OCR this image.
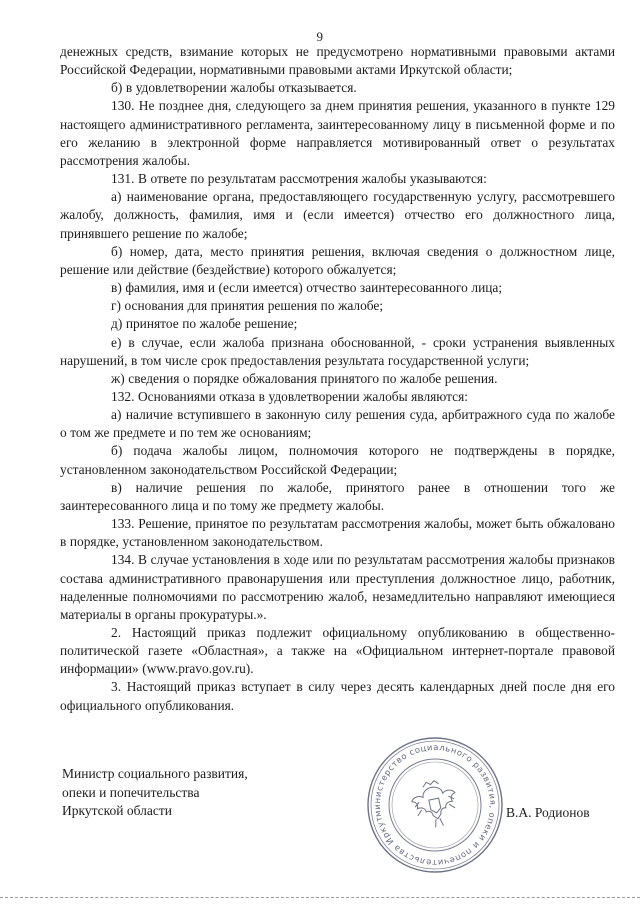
9

денежных средств, взимание которых не предусмотрено нормативными правовыми актами Российской Федерации, нормативными правовыми актами Иркутской области;

б) в удовлетворении жалобы отказывается.

130. Не позднее дня, следующего за днем принятия решения, указанного в пункте 129 настоящего административного регламента, заинтересованному лицу в письменной форме и по его желанию в электронной форме направляется мотивированный ответ о результатах рассмотрения жалобы.

131. В ответе по результатам рассмотрения жалобы указываются:

а) наименование органа, предоставляющего государственную услугу, рассмотревшего жалобу, должность, фамилия, имя и (если имеется) отчество его должностного лица, принявшего решение по жалобе;

б) номер, дата, место принятия решения, включая сведения о должностном лице, решение или действие (бездействие) которого обжалуется;

в) фамилия, имя и (если имеется) отчество заинтересованного лица;

г) основания для принятия решения по жалобе;

д) принятое по жалобе решение;

е) в случае, если жалоба признана обоснованной, - сроки устранения выявленных нарушений, в том числе срок предоставления результата государственной услуги;

ж) сведения о порядке обжалования принятого по жалобе решения.

132. Основаниями отказа в удовлетворении жалобы являются:

а) наличие вступившего в законную силу решения суда, арбитражного суда по жалобе о том же предмете и по тем же основаниям;

б) подача жалобы лицом, полномочия которого не подтверждены в порядке, установленном законодательством Российской Федерации;

в) наличие решения по жалобе, принятого ранее в отношении того же заинтересованного лица и по тому же предмету жалобы.

133. Решение, принятое по результатам рассмотрения жалобы, может быть обжаловано в порядке, установленном законодательством.

134. В случае установления в ходе или по результатам рассмотрения жалобы признаков состава административного правонарушения или преступления должностное лицо, работник, наделенные полномочиями по рассмотрению жалоб, незамедлительно направляют имеющиеся материалы в органы прокуратуры.».

2. Настоящий приказ подлежит официальному опубликованию в общественно-политической газете «Областная», а также на «Официальном интернет-портале правовой информации» (www.pravo.gov.ru).

3. Настоящий приказ вступает в силу через десять календарных дней после дня его официального опубликования.

Министр социального развития,
опеки и попечительства
Иркутской области	В.А. Родионов
министерство социального развития, опеки и попечительства Иркутской области
